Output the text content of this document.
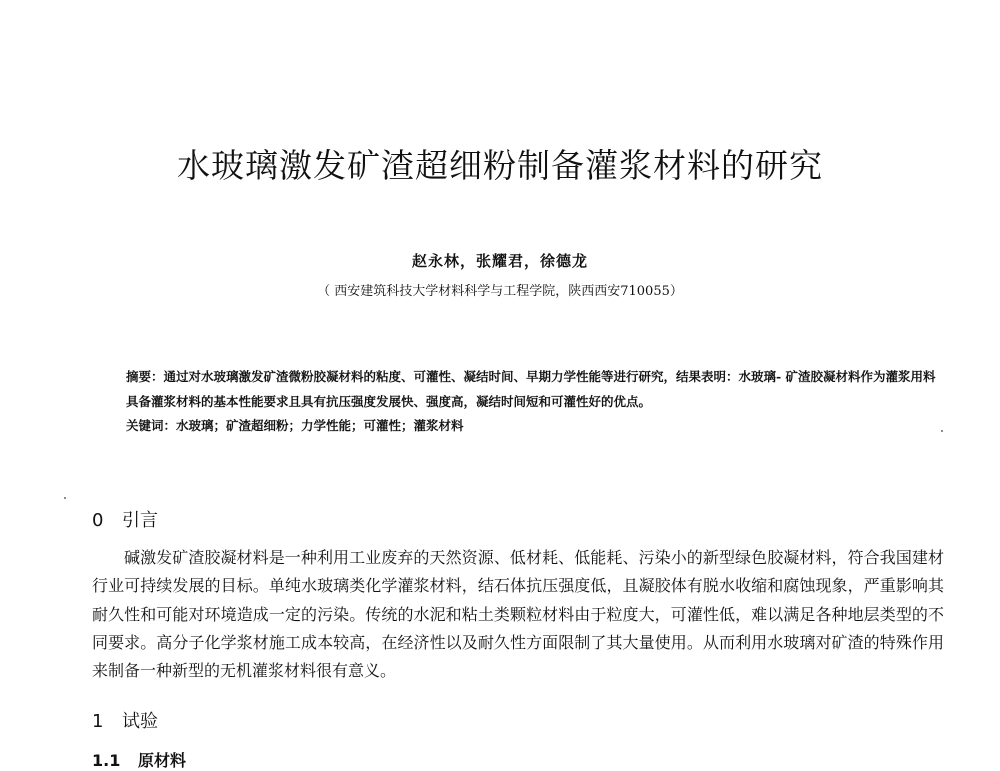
水玻璃激发矿渣超细粉制备灌浆材料的研究
赵永林，张耀君，徐德龙
（ 西安建筑科技大学材料科学与工程学院，陕西西安710055）
摘要：通过对水玻璃激发矿渣微粉胶凝材料的粘度、可灌性、凝结时间、早期力学性能等进行研究，结果表明：水玻璃- 矿渣胶凝材料作为灌浆用料具备灌浆材料的基本性能要求且具有抗压强度发展快、强度高，凝结时间短和可灌性好的优点。
关键词：水玻璃；矿渣超细粉；力学性能；可灌性；灌浆材料
0 引言
碱激发矿渣胶凝材料是一种利用工业废弃的天然资源、低材耗、低能耗、污染小的新型绿色胶凝材料，符合我国建材行业可持续发展的目标。单纯水玻璃类化学灌浆材料，结石体抗压强度低，且凝胶体有脱水收缩和腐蚀现象，严重影响其耐久性和可能对环境造成一定的污染。传统的水泥和粘土类颗粒材料由于粒度大，可灌性低，难以满足各种地层类型的不同要求。高分子化学浆材施工成本较高，在经济性以及耐久性方面限制了其大量使用。从而利用水玻璃对矿渣的特殊作用来制备一种新型的无机灌浆材料很有意义。
1 试验
1.1 原材料
